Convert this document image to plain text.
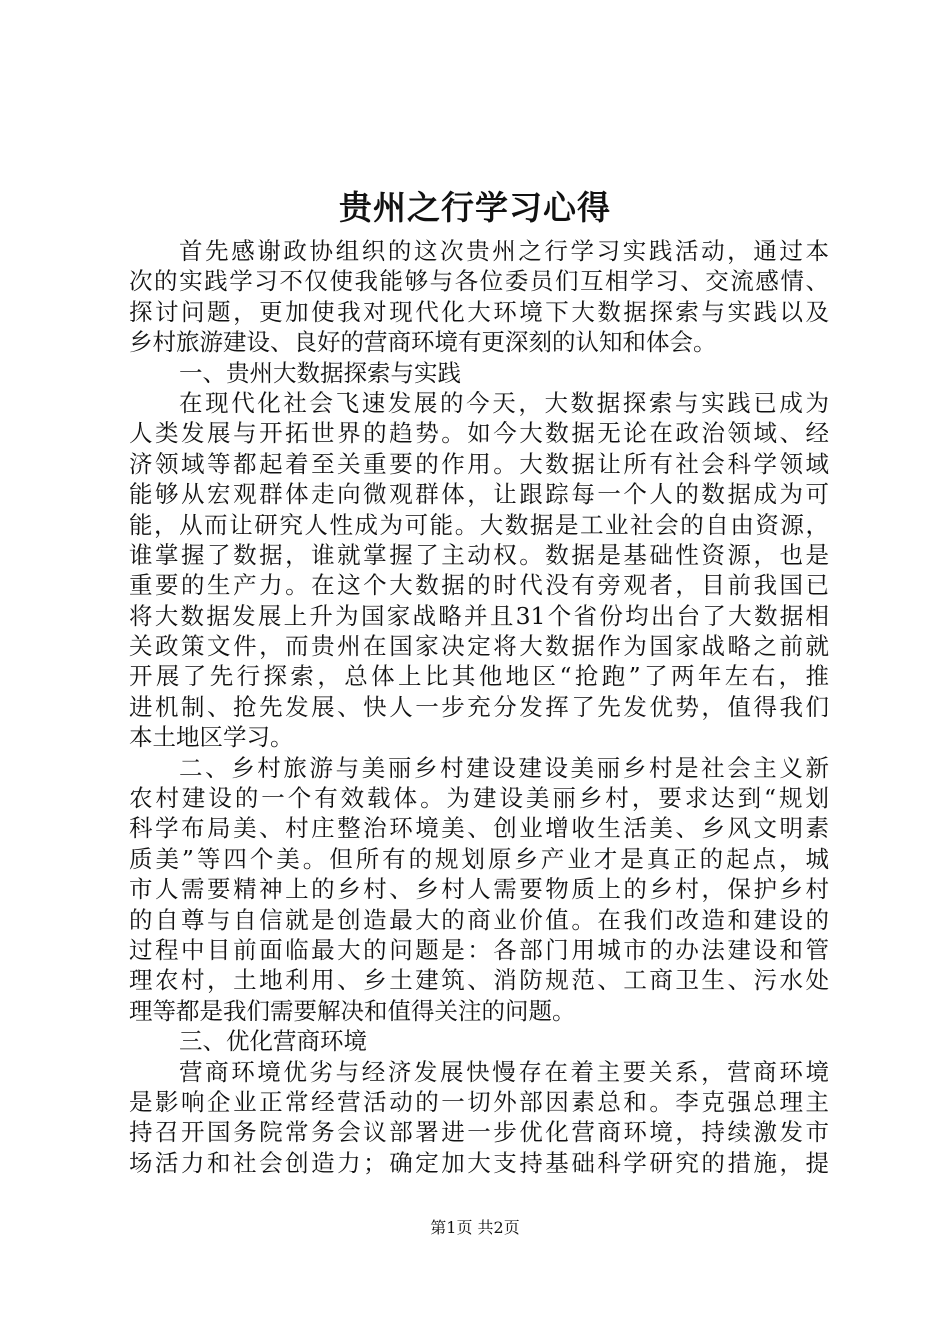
贵州之行学习心得
首先感谢政协组织的这次贵州之行学习实践活动，通过本
次的实践学习不仅使我能够与各位委员们互相学习、交流感情、
探讨问题，更加使我对现代化大环境下大数据探索与实践以及
乡村旅游建设、良好的营商环境有更深刻的认知和体会。
一、贵州大数据探索与实践
在现代化社会飞速发展的今天，大数据探索与实践已成为
人类发展与开拓世界的趋势。如今大数据无论在政治领域、经
济领域等都起着至关重要的作用。大数据让所有社会科学领域
能够从宏观群体走向微观群体，让跟踪每一个人的数据成为可
能，从而让研究人性成为可能。大数据是工业社会的自由资源，
谁掌握了数据，谁就掌握了主动权。数据是基础性资源，也是
重要的生产力。在这个大数据的时代没有旁观者，目前我国已
将大数据发展上升为国家战略并且31个省份均出台了大数据相
关政策文件，而贵州在国家决定将大数据作为国家战略之前就
开展了先行探索，总体上比其他地区“抢跑”了两年左右，推
进机制、抢先发展、快人一步充分发挥了先发优势，值得我们
本土地区学习。
二、乡村旅游与美丽乡村建设建设美丽乡村是社会主义新
农村建设的一个有效载体。为建设美丽乡村，要求达到“规划
科学布局美、村庄整治环境美、创业增收生活美、乡风文明素
质美”等四个美。但所有的规划原乡产业才是真正的起点，城
市人需要精神上的乡村、乡村人需要物质上的乡村，保护乡村
的自尊与自信就是创造最大的商业价值。在我们改造和建设的
过程中目前面临最大的问题是：各部门用城市的办法建设和管
理农村，土地利用、乡土建筑、消防规范、工商卫生、污水处
理等都是我们需要解决和值得关注的问题。
三、优化营商环境
营商环境优劣与经济发展快慢存在着主要关系，营商环境
是影响企业正常经营活动的一切外部因素总和。李克强总理主
持召开国务院常务会议部署进一步优化营商环境，持续激发市
场活力和社会创造力；确定加大支持基础科学研究的措施，提
第1页 共2页
